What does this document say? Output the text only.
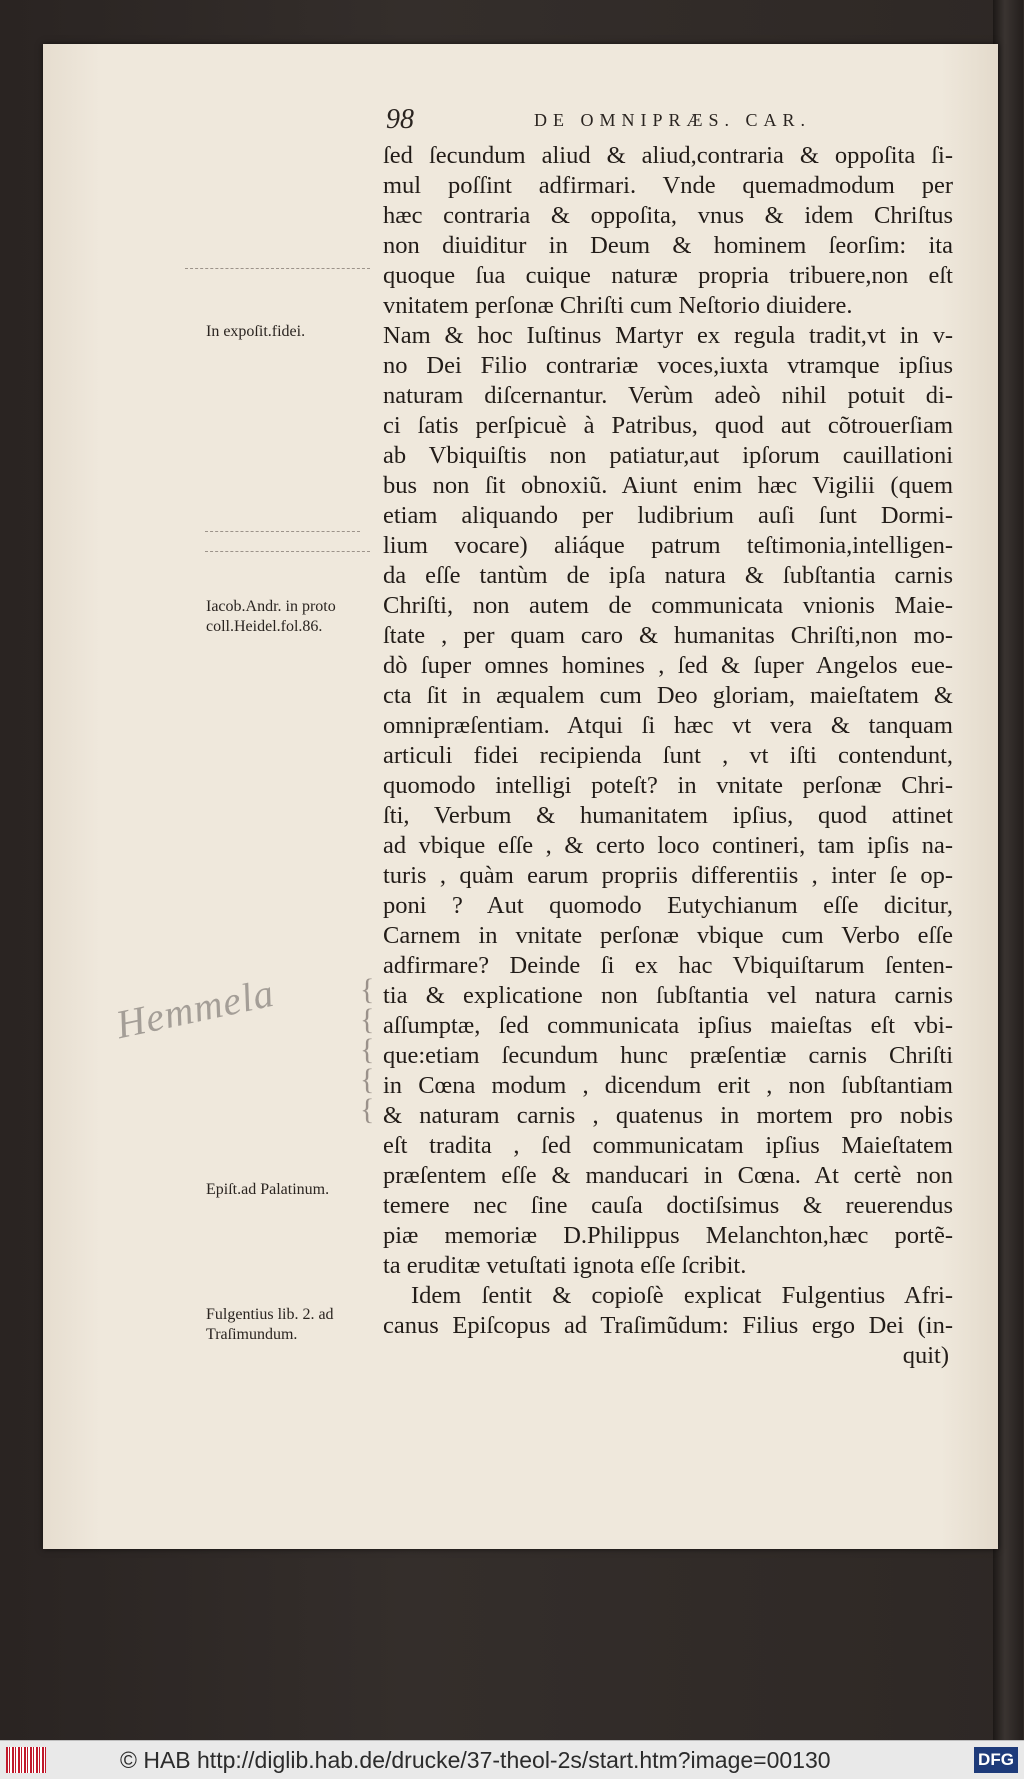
98	DE OMNIPRÆS. CAR.
In expoſit.fidei.
Iacob.Andr. in proto coll.Heidel.fol.86.
Epiſt.ad Palatinum.
Fulgentius lib. 2. ad Traſimundum.
Hemmela	{
{
{
{
{
ſed ſecundum aliud & aliud,contraria & oppoſita ſi-
mul poſſint adfirmari. Vnde quemadmodum per
hæc contraria & oppoſita, vnus & idem Chriſtus
non diuiditur in Deum & hominem ſeorſim: ita
quoque ſua cuique naturæ propria tribuere,non eſt
vnitatem perſonæ Chriſti cum Neſtorio diuidere.
Nam & hoc Iuſtinus Martyr ex regula tradit,vt in v-
no Dei Filio contrariæ voces,iuxta vtramque ipſius
naturam diſcernantur. Verùm adeò nihil potuit di-
ci ſatis perſpicuè à Patribus, quod aut cõtrouerſiam
ab Vbiquiſtis non patiatur,aut ipſorum cauillationi
bus non ſit obnoxiũ. Aiunt enim hæc Vigilii (quem
etiam aliquando per ludibrium auſi ſunt Dormi-
lium vocare) aliáque patrum teſtimonia,intelligen-
da eſſe tantùm de ipſa natura & ſubſtantia carnis
Chriſti, non autem de communicata vnionis Maie-
ſtate , per quam caro & humanitas Chriſti,non mo-
dò ſuper omnes homines , ſed & ſuper Angelos eue-
cta ſit in æqualem cum Deo gloriam, maieſtatem &
omnipræſentiam. Atqui ſi hæc vt vera & tanquam
articuli fidei recipienda ſunt , vt iſti contendunt,
quomodo intelligi poteſt? in vnitate perſonæ Chri-
ſti, Verbum & humanitatem ipſius, quod attinet
ad vbique eſſe , & certo loco contineri, tam ipſis na-
turis , quàm earum propriis differentiis , inter ſe op-
poni ? Aut quomodo Eutychianum eſſe dicitur,
Carnem in vnitate perſonæ vbique cum Verbo eſſe
adfirmare? Deinde ſi ex hac Vbiquiſtarum ſenten-
tia & explicatione non ſubſtantia vel natura carnis
aſſumptæ, ſed communicata ipſius maieſtas eſt vbi-
que:etiam ſecundum hunc præſentiæ carnis Chriſti
in Cœna modum , dicendum erit , non ſubſtantiam
& naturam carnis , quatenus in mortem pro nobis
eſt tradita , ſed communicatam ipſius Maieſtatem
præſentem eſſe & manducari in Cœna. At certè non
temere nec ſine cauſa doctiſsimus & reuerendus
piæ memoriæ D.Philippus Melanchton,hæc portẽ-
ta eruditæ vetuſtati ignota eſſe ſcribit.
Idem ſentit & copioſè explicat Fulgentius Afri-
canus Epiſcopus ad Traſimũdum: Filius ergo Dei (in-
quit)
© HAB http://diglib.hab.de/drucke/37-theol-2s/start.htm?image=00130	DFG
